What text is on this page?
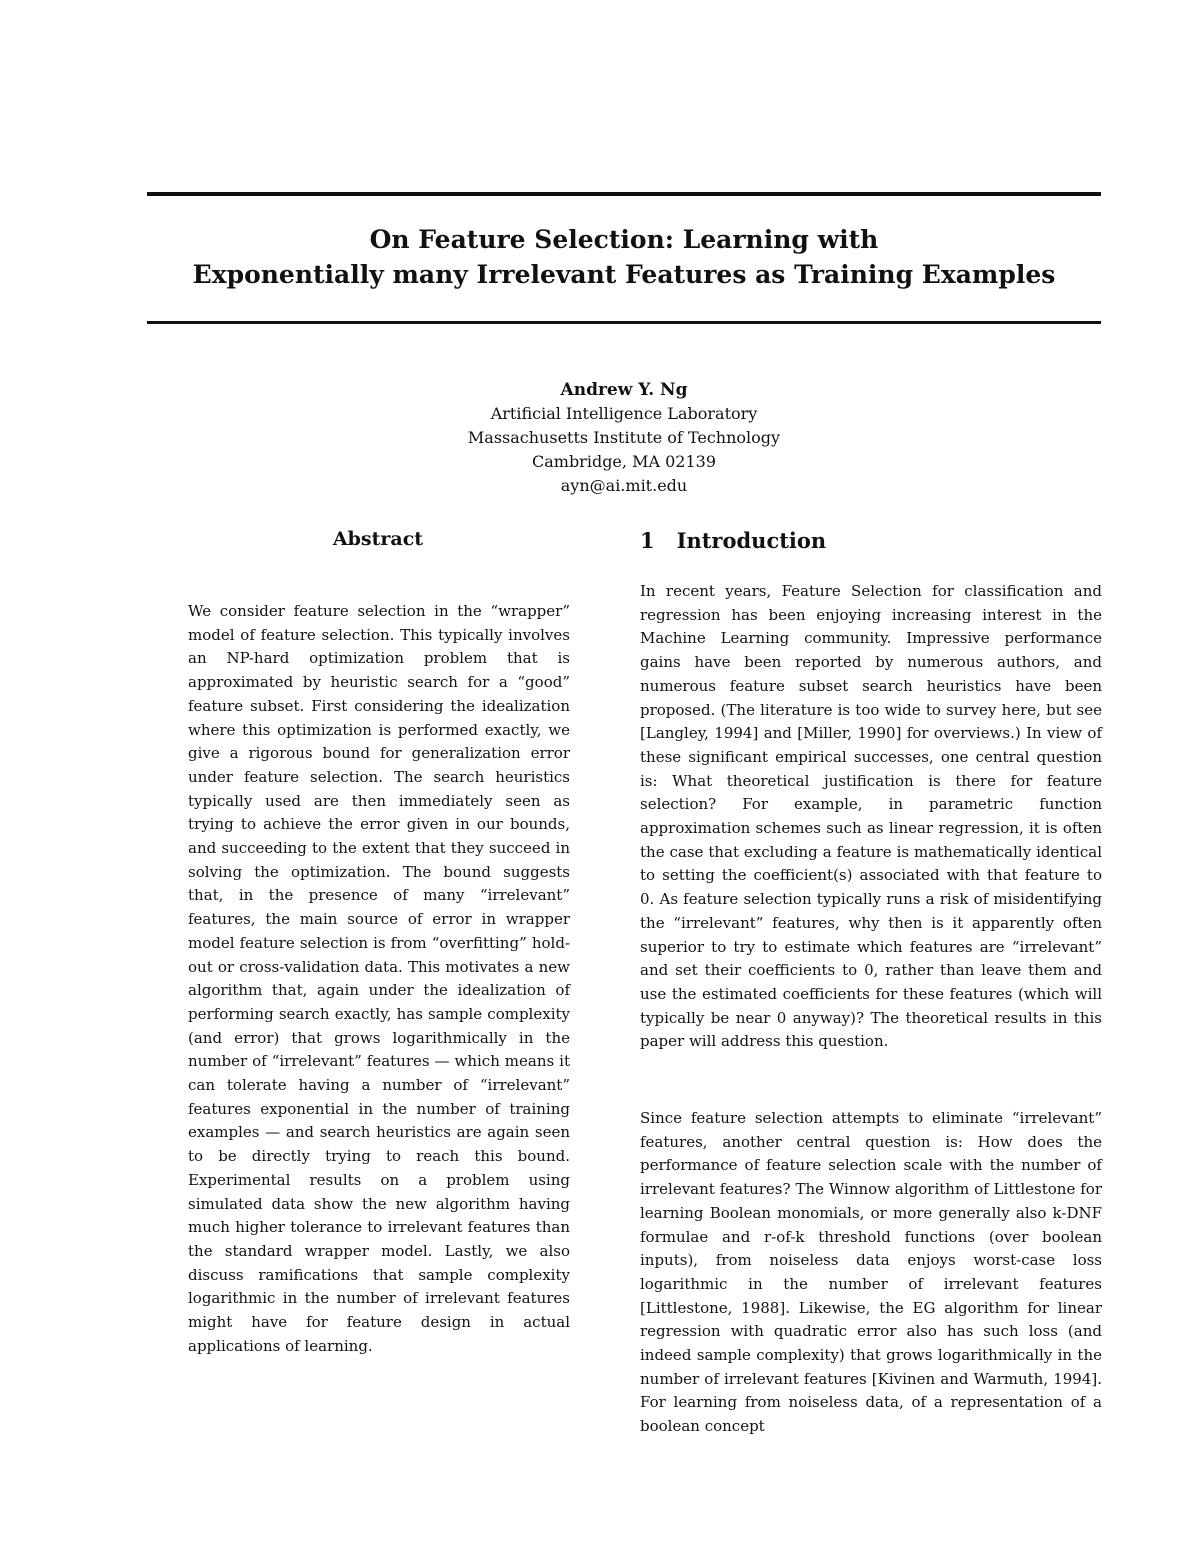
On Feature Selection: Learning with
Exponentially many Irrelevant Features as Training Examples
Andrew Y. Ng
Artificial Intelligence Laboratory
Massachusetts Institute of Technology
Cambridge, MA 02139
ayn@ai.mit.edu
Abstract

We consider feature selection in the “wrapper” model of feature selection. This typically involves an NP-hard optimization problem that is approximated by heuristic search for a “good” feature subset. First considering the idealization where this optimization is performed exactly, we give a rigorous bound for generalization error under feature selection. The search heuristics typically used are then immediately seen as trying to achieve the error given in our bounds, and succeeding to the extent that they succeed in solving the optimization. The bound suggests that, in the presence of many “irrelevant” features, the main source of error in wrapper model feature selection is from “overfitting” hold-out or cross-validation data. This motivates a new algorithm that, again under the idealization of performing search exactly, has sample complexity (and error) that grows logarithmically in the number of “irrelevant” features — which means it can tolerate having a number of “irrelevant” features exponential in the number of training examples — and search heuristics are again seen to be directly trying to reach this bound. Experimental results on a problem using simulated data show the new algorithm having much higher tolerance to irrelevant features than the standard wrapper model. Lastly, we also discuss ramifications that sample complexity logarithmic in the number of irrelevant features might have for feature design in actual applications of learning.

1 Introduction

In recent years, Feature Selection for classification and regression has been enjoying increasing interest in the Machine Learning community. Impressive performance gains have been reported by numerous authors, and numerous feature subset search heuristics have been proposed. (The literature is too wide to survey here, but see [Langley, 1994] and [Miller, 1990] for overviews.) In view of these significant empirical successes, one central question is: What theoretical justification is there for feature selection? For example, in parametric function approximation schemes such as linear regression, it is often the case that excluding a feature is mathematically identical to setting the coefficient(s) associated with that feature to 0. As feature selection typically runs a risk of misidentifying the “irrelevant” features, why then is it apparently often superior to try to estimate which features are “irrelevant” and set their coefficients to 0, rather than leave them and use the estimated coefficients for these features (which will typically be near 0 anyway)? The theoretical results in this paper will address this question.

Since feature selection attempts to eliminate “irrelevant” features, another central question is: How does the performance of feature selection scale with the number of irrelevant features? The Winnow algorithm of Littlestone for learning Boolean monomials, or more generally also k-DNF formulae and r-of-k threshold functions (over boolean inputs), from noiseless data enjoys worst-case loss logarithmic in the number of irrelevant features [Littlestone, 1988]. Likewise, the EG algorithm for linear regression with quadratic error also has such loss (and indeed sample complexity) that grows logarithmically in the number of irrelevant features [Kivinen and Warmuth, 1994]. For learning from noiseless data, of a representation of a boolean concept
